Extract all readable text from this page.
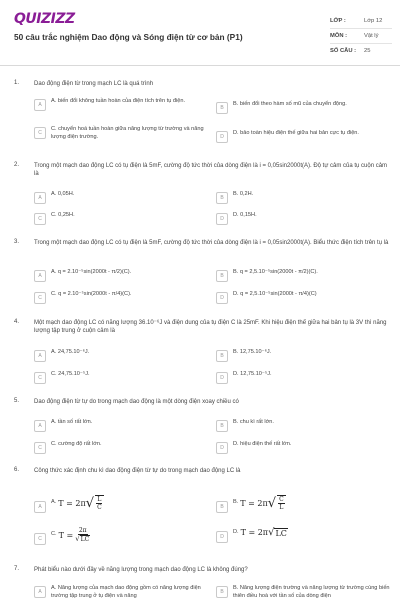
QUIZIZZ
50 câu trắc nghiệm Dao động và Sóng điện từ cơ bản (P1)
LỚP :	Lớp 12
MÔN :	Vật lý
SỐ CÂU :	25
1. Dao động điện từ trong mạch LC là quá trình
A
A. biến đổi không tuần hoàn của điện tích trên tụ điện.
B
B. biến đổi theo hàm số mũ của chuyển động.
C
C. chuyển hoá tuần hoàn giữa năng lượng từ trường và năng lượng điện trường.	D
D. bảo toàn hiệu điện thế giữa hai bản cực tụ điện.
2. Trong một mạch dao động LC có tụ điện là 5mF, cường độ tức thời của dòng điện là i = 0,05sin2000t(A). Độ tự cảm của tụ cuộn cảm là
A
A. 0,05H.
B
B. 0,2H.
C
C. 0,25H.
D
D. 0,15H.
3. Trong một mạch dao động LC có tụ điện là 5mF, cường độ tức thời của dòng điện là i = 0,05sin2000t(A). Biểu thức điện tích trên tụ là
A
A. q = 2.10⁻⁵sin(2000t - π/2)(C).
B
B. q = 2,5.10⁻⁵sin(2000t - π/2)(C).
C
C. q = 2.10⁻⁵sin(2000t - π/4)(C).
D
D. q = 2,5.10⁻⁵sin(2000t - π/4)(C)
4. Một mạch dao động LC có năng lượng 36.10⁻⁶J và điện dung của tụ điện C là 25mF. Khi hiệu điện thế giữa hai bản tụ là 3V thì năng lượng tập trung ở cuộn cảm là
A
A. 24,75.10⁻⁶J.
B
B. 12,75.10⁻⁶J.
C
C. 24,75.10⁻⁵J.
D
D. 12,75.10⁻⁵J.
5. Dao động điện từ tự do trong mạch dao động là một dòng điện xoay chiều có
A
A. tần số rất lớn.
B
B. chu kì rất lớn.
C
C. cường độ rất lớn.
D
D. hiệu điện thế rất lớn.
6. Công thức xác định chu kì dao động điện từ tự do trong mạch dao động LC là
A
A. T = 2π √ $\frac{L}{C}$	B
B. T = 2π √ $\frac{C}{L}$
C
C. $T = \frac{2\pi}{√ LC}$	D
D. T = 2π √ LC
7. Phát biểu nào dưới đây về năng lượng trong mạch dao động LC là không đúng?
A
A. Năng lượng của mạch dao động gồm có năng lượng điện trường tập trung ở tụ điện và năng
B
B. Năng lượng điện trường và năng lượng từ trường cùng biến thiên điều hoà với tần số của dòng điện
